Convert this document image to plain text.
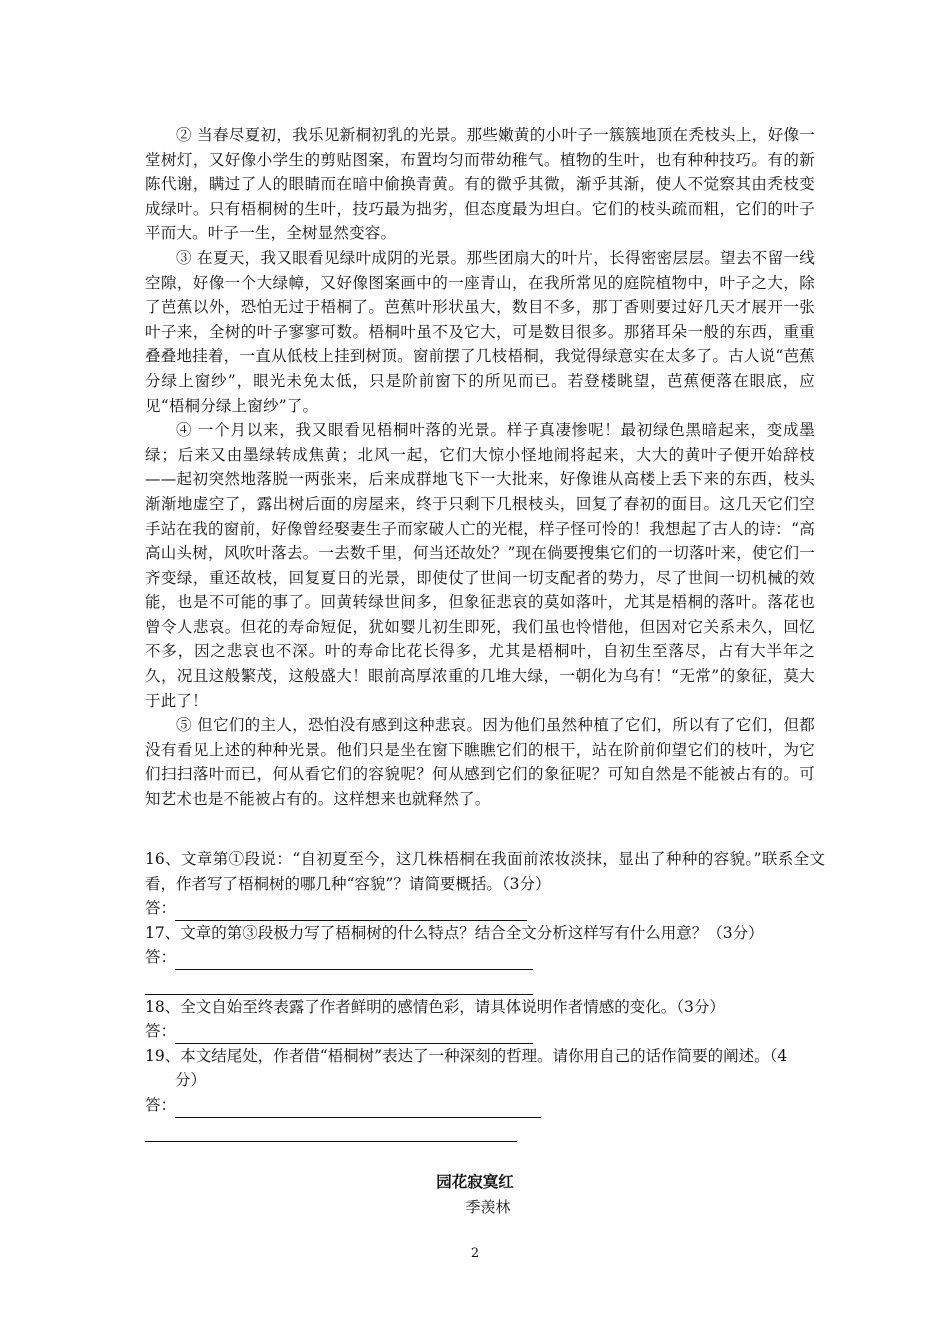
② 当春尽夏初，我乐见新桐初乳的光景。那些嫩黄的小叶子一簇簇地顶在秃枝头上，好像一堂树灯，又好像小学生的剪贴图案，布置均匀而带幼稚气。植物的生叶，也有种种技巧。有的新陈代谢，瞒过了人的眼睛而在暗中偷换青黄。有的微乎其微，渐乎其渐，使人不觉察其由秃枝变成绿叶。只有梧桐树的生叶，技巧最为拙劣，但态度最为坦白。它们的枝头疏而粗，它们的叶子平而大。叶子一生，全树显然变容。

③ 在夏天，我又眼看见绿叶成阴的光景。那些团扇大的叶片，长得密密层层。望去不留一线空隙，好像一个大绿幛，又好像图案画中的一座青山，在我所常见的庭院植物中，叶子之大，除了芭蕉以外，恐怕无过于梧桐了。芭蕉叶形状虽大，数目不多，那丁香则要过好几天才展开一张叶子来，全树的叶子寥寥可数。梧桐叶虽不及它大，可是数目很多。那猪耳朵一般的东西，重重叠叠地挂着，一直从低枝上挂到树顶。窗前摆了几枝梧桐，我觉得绿意实在太多了。古人说“芭蕉分绿上窗纱”，眼光未免太低，只是阶前窗下的所见而已。若登楼眺望，芭蕉便落在眼底，应见“梧桐分绿上窗纱”了。

④ 一个月以来，我又眼看见梧桐叶落的光景。样子真凄惨呢！最初绿色黑暗起来，变成墨绿；后来又由墨绿转成焦黄；北风一起，它们大惊小怪地闹将起来，大大的黄叶子便开始辞枝——起初突然地落脱一两张来，后来成群地飞下一大批来，好像谁从高楼上丢下来的东西，枝头渐渐地虚空了，露出树后面的房屋来，终于只剩下几根枝头，回复了春初的面目。这几天它们空手站在我的窗前，好像曾经娶妻生子而家破人亡的光棍，样子怪可怜的！我想起了古人的诗：“高高山头树，风吹叶落去。一去数千里，何当还故处？”现在倘要搜集它们的一切落叶来，使它们一齐变绿，重还故枝，回复夏日的光景，即使仗了世间一切支配者的势力，尽了世间一切机械的效能，也是不可能的事了。回黄转绿世间多，但象征悲哀的莫如落叶，尤其是梧桐的落叶。落花也曾令人悲哀。但花的寿命短促，犹如婴儿初生即死，我们虽也怜惜他，但因对它关系未久，回忆不多，因之悲哀也不深。叶的寿命比花长得多，尤其是梧桐叶，自初生至落尽，占有大半年之久，况且这般繁茂，这般盛大！眼前高厚浓重的几堆大绿，一朝化为乌有！“无常”的象征，莫大于此了！

⑤ 但它们的主人，恐怕没有感到这种悲哀。因为他们虽然种植了它们，所以有了它们，但都没有看见上述的种种光景。他们只是坐在窗下瞧瞧它们的根干，站在阶前仰望它们的枝叶，为它们扫扫落叶而已，何从看它们的容貌呢？何从感到它们的象征呢？可知自然是不能被占有的。可知艺术也是不能被占有的。这样想来也就释然了。

16、文章第①段说：“自初夏至今，这几株梧桐在我面前浓妆淡抹，显出了种种的容貌。”联系全文看，作者写了梧桐树的哪几种“容貌”？请简要概括。（3分）

答：

17、文章的第③段极力写了梧桐树的什么特点？结合全文分析这样写有什么用意？（3分）

答：

18、全文自始至终表露了作者鲜明的感情色彩，请具体说明作者情感的变化。（3分）

答：

19、本文结尾处，作者借“梧桐树”表达了一种深刻的哲理。请你用自己的话作简要的阐述。（4

分）

答：
园花寂寞红
季羡林
2
